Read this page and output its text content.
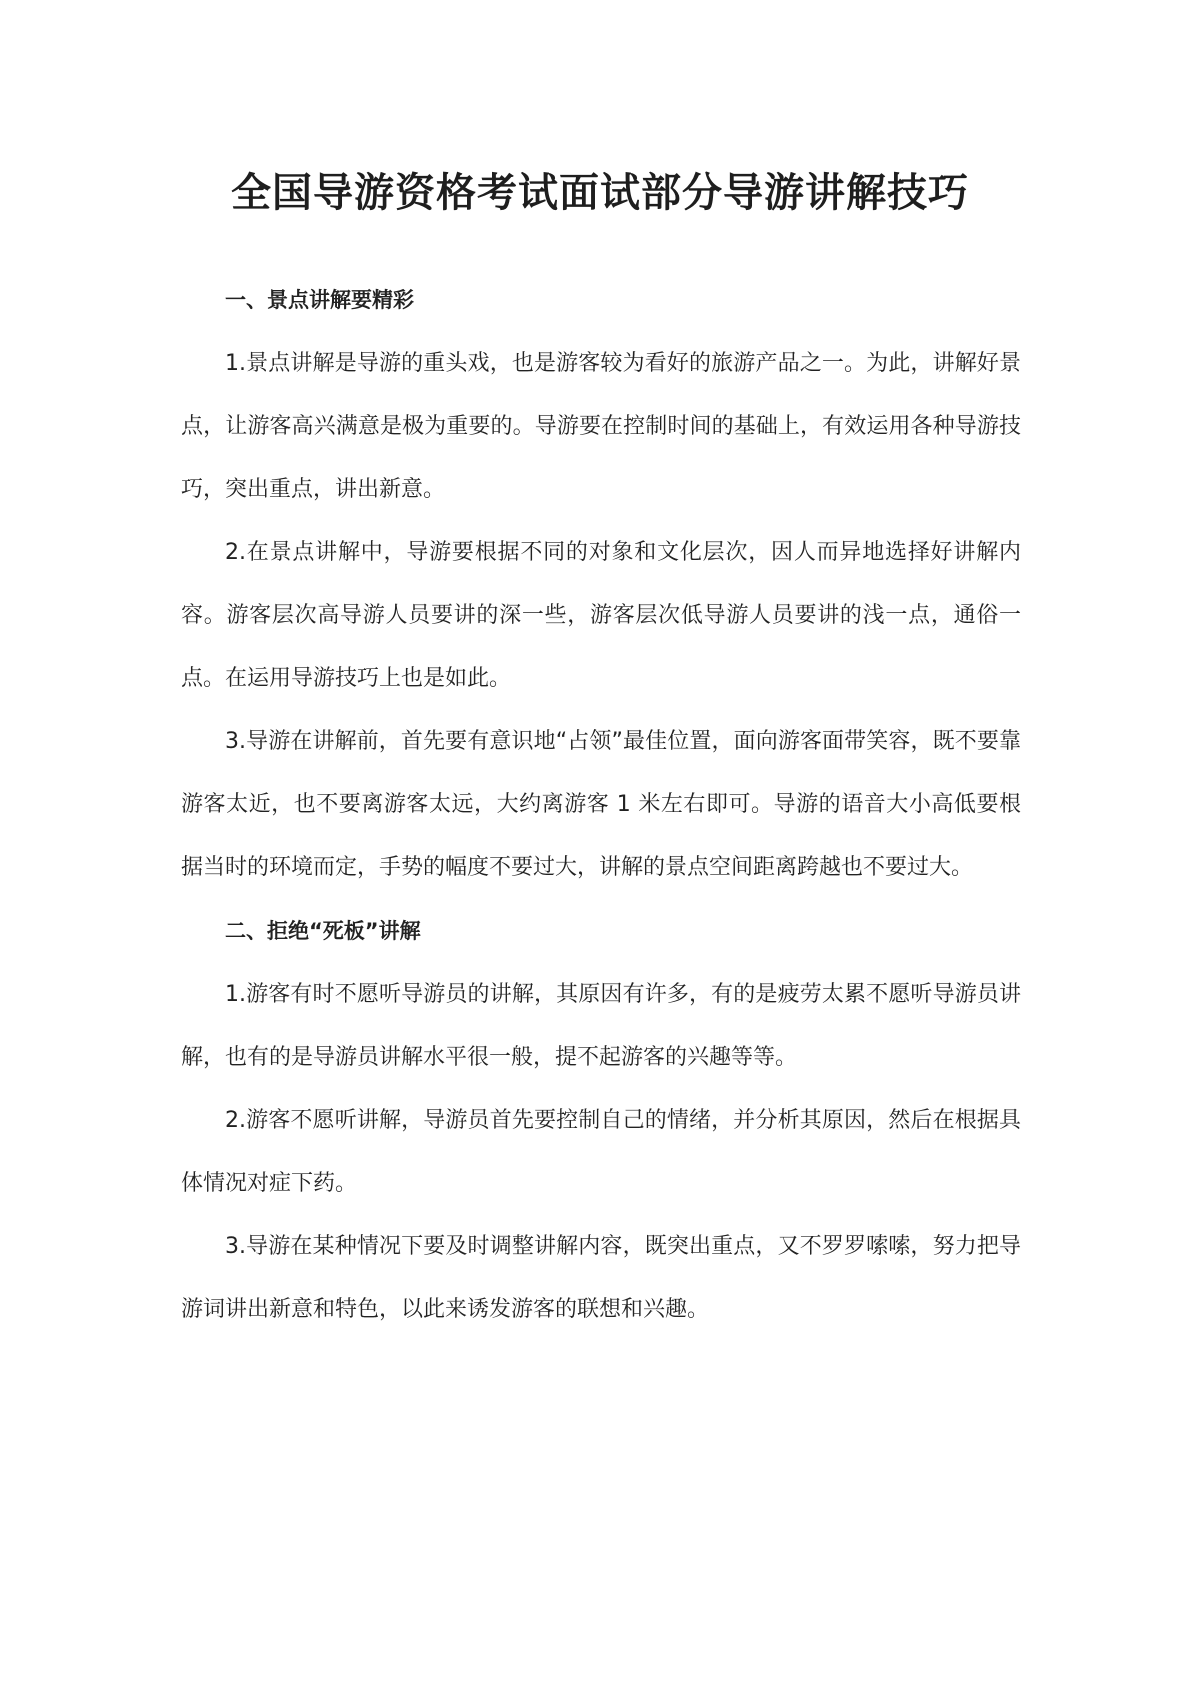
全国导游资格考试面试部分导游讲解技巧
一、景点讲解要精彩

1.景点讲解是导游的重头戏，也是游客较为看好的旅游产品之一。为此，讲解好景点，让游客高兴满意是极为重要的。导游要在控制时间的基础上，有效运用各种导游技巧，突出重点，讲出新意。

2.在景点讲解中，导游要根据不同的对象和文化层次，因人而异地选择好讲解内容。游客层次高导游人员要讲的深一些，游客层次低导游人员要讲的浅一点，通俗一点。在运用导游技巧上也是如此。

3.导游在讲解前，首先要有意识地“占领”最佳位置，面向游客面带笑容，既不要靠游客太近，也不要离游客太远，大约离游客 1 米左右即可。导游的语音大小高低要根据当时的环境而定，手势的幅度不要过大，讲解的景点空间距离跨越也不要过大。

二、拒绝“死板”讲解

1.游客有时不愿听导游员的讲解，其原因有许多，有的是疲劳太累不愿听导游员讲解，也有的是导游员讲解水平很一般，提不起游客的兴趣等等。

2.游客不愿听讲解，导游员首先要控制自己的情绪，并分析其原因，然后在根据具体情况对症下药。

3.导游在某种情况下要及时调整讲解内容，既突出重点，又不罗罗嗦嗦，努力把导游词讲出新意和特色，以此来诱发游客的联想和兴趣。
